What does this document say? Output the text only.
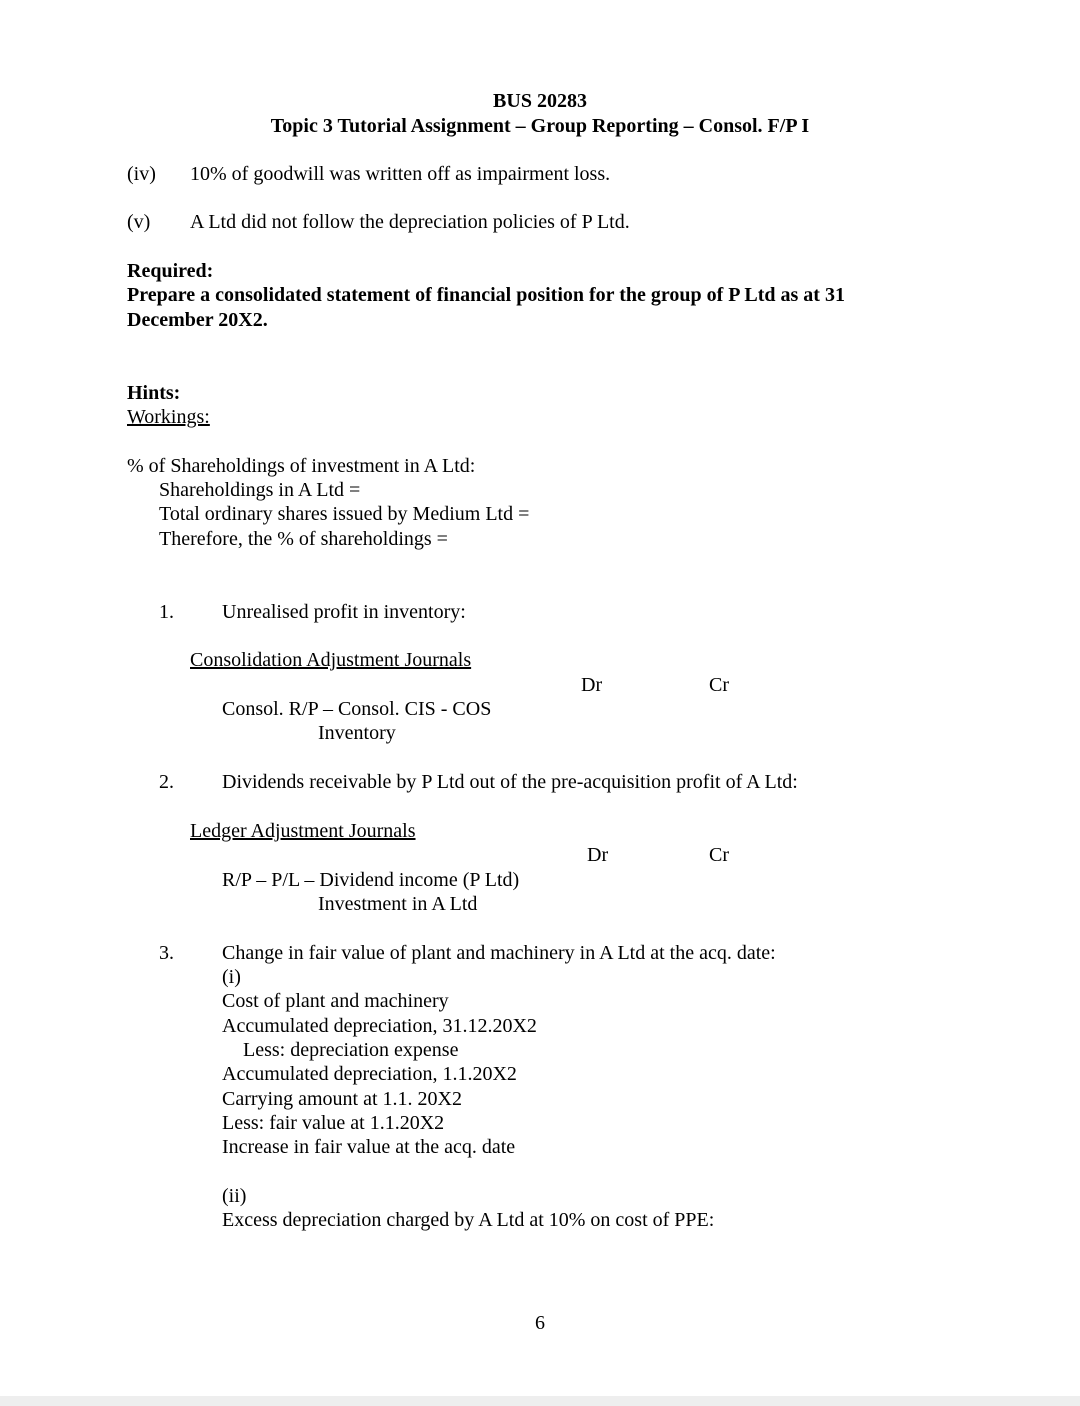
BUS 20283
Topic 3 Tutorial Assignment – Group Reporting – Consol. F/P I
(iv) 10% of goodwill was written off as impairment loss.
(v) A Ltd did not follow the depreciation policies of P Ltd.
Required:
Prepare a consolidated statement of financial position for the group of P Ltd as at 31
December 20X2.
Hints:
Workings:
% of Shareholdings of investment in A Ltd:
Shareholdings in A Ltd =
Total ordinary shares issued by Medium Ltd =
Therefore, the % of shareholdings =
1. Unrealised profit in inventory:
Consolidation Adjustment Journals
Dr	Cr
Consol. R/P – Consol. CIS - COS
Inventory
2. Dividends receivable by P Ltd out of the pre-acquisition profit of A Ltd:
Ledger Adjustment Journals
Dr	Cr
R/P – P/L – Dividend income (P Ltd)
Investment in A Ltd
3. Change in fair value of plant and machinery in A Ltd at the acq. date:
(i)
Cost of plant and machinery
Accumulated depreciation, 31.12.20X2
Less: depreciation expense
Accumulated depreciation, 1.1.20X2
Carrying amount at 1.1. 20X2
Less: fair value at 1.1.20X2
Increase in fair value at the acq. date
(ii)
Excess depreciation charged by A Ltd at 10% on cost of PPE:
6
